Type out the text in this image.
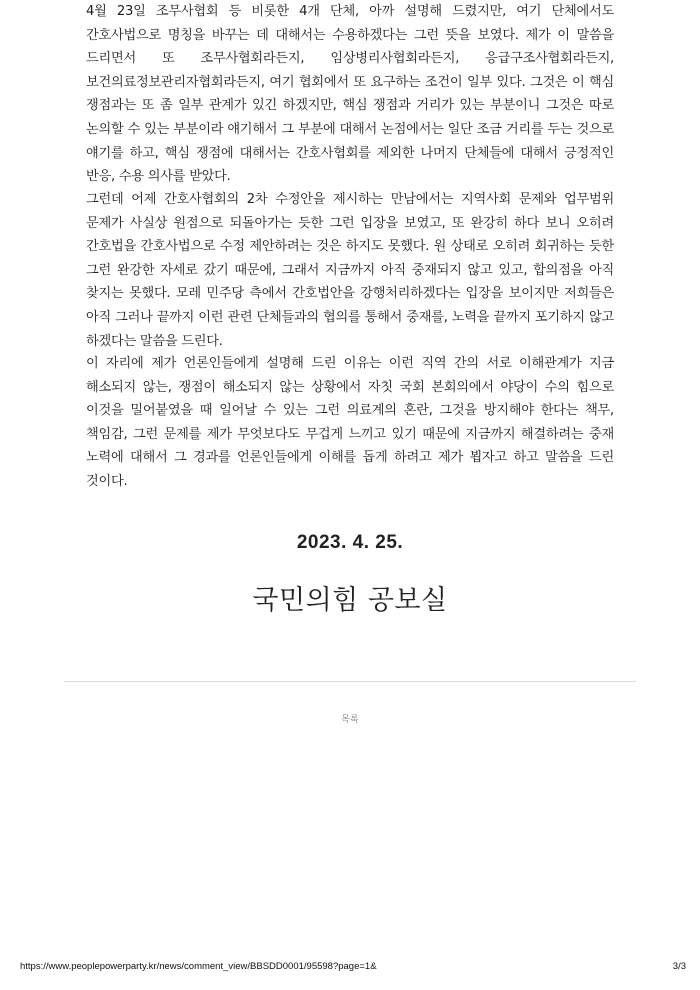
4월 23일 조무사협회 등 비롯한 4개 단체, 아까 설명해 드렸지만, 여기 단체에서도 간호사법으로 명칭을 바꾸는 데 대해서는 수용하겠다는 그런 뜻을 보였다. 제가 이 말씀을 드리면서 또 조무사협회라든지, 임상병리사협회라든지, 응급구조사협회라든지, 보건의료정보관리자협회라든지, 여기 협회에서 또 요구하는 조건이 일부 있다. 그것은 이 핵심 쟁점과는 또 좀 일부 관계가 있긴 하겠지만, 핵심 쟁점과 거리가 있는 부분이니 그것은 따로 논의할 수 있는 부분이라 얘기해서 그 부분에 대해서 논점에서는 일단 조금 거리를 두는 것으로 얘기를 하고, 핵심 쟁점에 대해서는 간호사협회를 제외한 나머지 단체들에 대해서 긍정적인 반응, 수용 의사를 받았다.

그런데 어제 간호사협회의 2차 수정안을 제시하는 만남에서는 지역사회 문제와 업무범위 문제가 사실상 원점으로 되돌아가는 듯한 그런 입장을 보였고, 또 완강히 하다 보니 오히려 간호법을 간호사법으로 수정 제안하려는 것은 하지도 못했다. 원 상태로 오히려 회귀하는 듯한 그런 완강한 자세로 갔기 때문에, 그래서 지금까지 아직 중재되지 않고 있고, 합의점을 아직 찾지는 못했다. 모레 민주당 측에서 간호법안을 강행처리하겠다는 입장을 보이지만 저희들은 아직 그러나 끝까지 이런 관련 단체들과의 협의를 통해서 중재를, 노력을 끝까지 포기하지 않고 하겠다는 말씀을 드린다.

이 자리에 제가 언론인들에게 설명해 드린 이유는 이런 직역 간의 서로 이해관계가 지금 해소되지 않는, 쟁점이 해소되지 않는 상황에서 자칫 국회 본회의에서 야당이 수의 힘으로 이것을 밀어붙였을 때 일어날 수 있는 그런 의료계의 혼란, 그것을 방지해야 한다는 책무, 책임감, 그런 문제를 제가 무엇보다도 무겁게 느끼고 있기 때문에 지금까지 해결하려는 중재 노력에 대해서 그 경과를 언론인들에게 이해를 돕게 하려고 제가 뵙자고 하고 말씀을 드린 것이다.

2023. 4. 25.
국민의힘 공보실
목록
https://www.peoplepowerparty.kr/news/comment_view/BBSDD0001/95598?page=1&	3/3
